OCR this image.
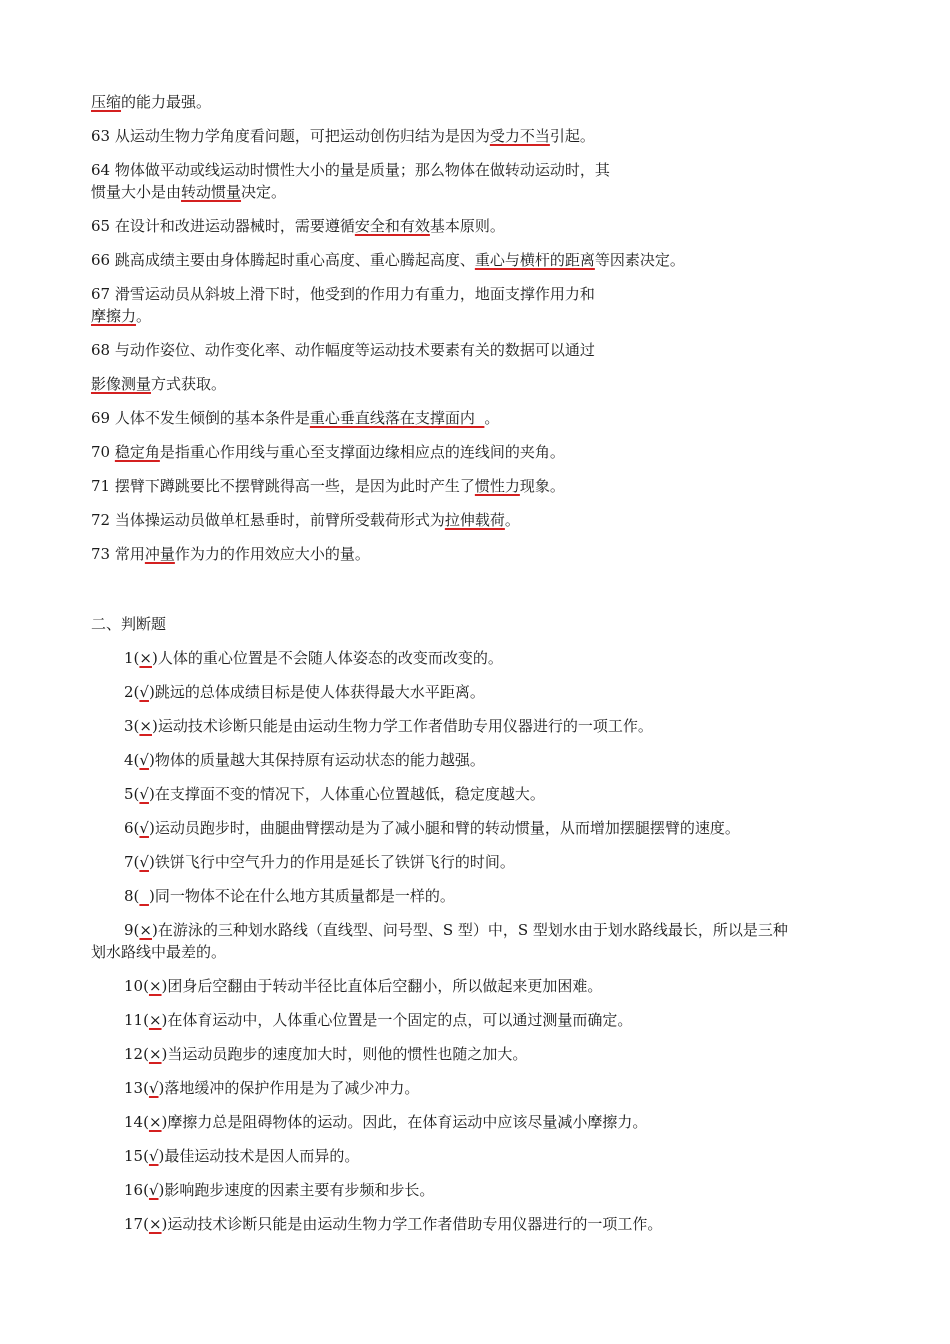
压缩的能力最强。
63 从运动生物力学角度看问题，可把运动创伤归结为是因为受力不当引起。
64 物体做平动或线运动时惯性大小的量是质量；那么物体在做转动运动时，其
惯量大小是由转动惯量决定。
65 在设计和改进运动器械时，需要遵循安全和有效基本原则。
66 跳高成绩主要由身体腾起时重心高度、重心腾起高度、重心与横杆的距离等因素决定。
67 滑雪运动员从斜坡上滑下时，他受到的作用力有重力，地面支撑作用力和
摩擦力。
68 与动作姿位、动作变化率、动作幅度等运动技术要素有关的数据可以通过
影像测量方式获取。
69 人体不发生倾倒的基本条件是重心垂直线落在支撑面内  。
70 稳定角是指重心作用线与重心至支撑面边缘相应点的连线间的夹角。
71 摆臂下蹲跳要比不摆臂跳得高一些，是因为此时产生了惯性力现象。
72 当体操运动员做单杠悬垂时，前臂所受载荷形式为拉伸载荷。
73 常用冲量作为力的作用效应大小的量。
二、判断题
1(×)人体的重心位置是不会随人体姿态的改变而改变的。
2(√)跳远的总体成绩目标是使人体获得最大水平距离。
3(×)运动技术诊断只能是由运动生物力学工作者借助专用仪器进行的一项工作。
4(√)物体的质量越大其保持原有运动状态的能力越强。
5(√)在支撑面不变的情况下，人体重心位置越低，稳定度越大。
6(√)运动员跑步时，曲腿曲臂摆动是为了减小腿和臂的转动惯量，从而增加摆腿摆臂的速度。
7(√)铁饼飞行中空气升力的作用是延长了铁饼飞行的时间。
8( )同一物体不论在什么地方其质量都是一样的。
9(×)在游泳的三种划水路线（直线型、问号型、S 型）中，S 型划水由于划水路线最长，所以是三种
划水路线中最差的。
10(×)团身后空翻由于转动半径比直体后空翻小，所以做起来更加困难。
11(×)在体育运动中，人体重心位置是一个固定的点，可以通过测量而确定。
12(×)当运动员跑步的速度加大时，则他的惯性也随之加大。
13(√)落地缓冲的保护作用是为了减少冲力。
14(×)摩擦力总是阻碍物体的运动。因此，在体育运动中应该尽量减小摩擦力。
15(√)最佳运动技术是因人而异的。
16(√)影响跑步速度的因素主要有步频和步长。
17(×)运动技术诊断只能是由运动生物力学工作者借助专用仪器进行的一项工作。
